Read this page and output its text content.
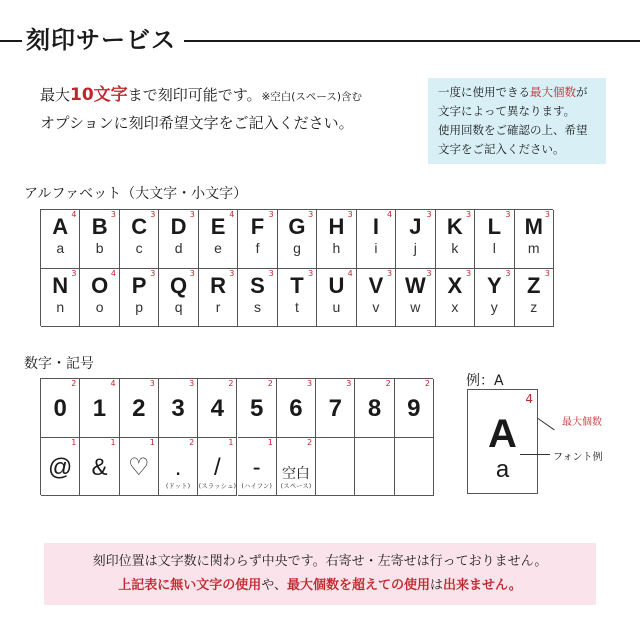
刻印サービス
最大10文字まで刻印可能です。※空白(スペース)含む
オプションに刻印希望文字をご記入ください。
一度に使用できる最大個数が
文字によって異なります。
使用回数をご確認の上、希望
文字をご記入ください。
アルファベット（大文字・小文字）
4
A
a
3
B
b
3
C
c
3
D
d
4
E
e
3
F
f
3
G
g
3
H
h
4
I
i
3
J
j
3
K
k
3
L
l
3
M
m
3
N
n
4
O
o
3
P
p
3
Q
q
3
R
r
3
S
s
3
T
t
4
U
u
3
V
v
3
W
w
3
X
x
3
Y
y
3
Z
z
数字・記号
2
0
4
1
3
2
3
3
2
4
2
5
3
6
3
7
2
8
2
9
1
@
1
&
1
♡
2
.
(ドット)
1
/
(スラッシュ)
1
-
(ハイフン)
2
空白
(スペース)
例：A
4
A
a
最大個数
フォント例
刻印位置は文字数に関わらず中央です。右寄せ・左寄せは行っておりません。
上記表に無い文字の使用や、最大個数を超えての使用は出来ません。
